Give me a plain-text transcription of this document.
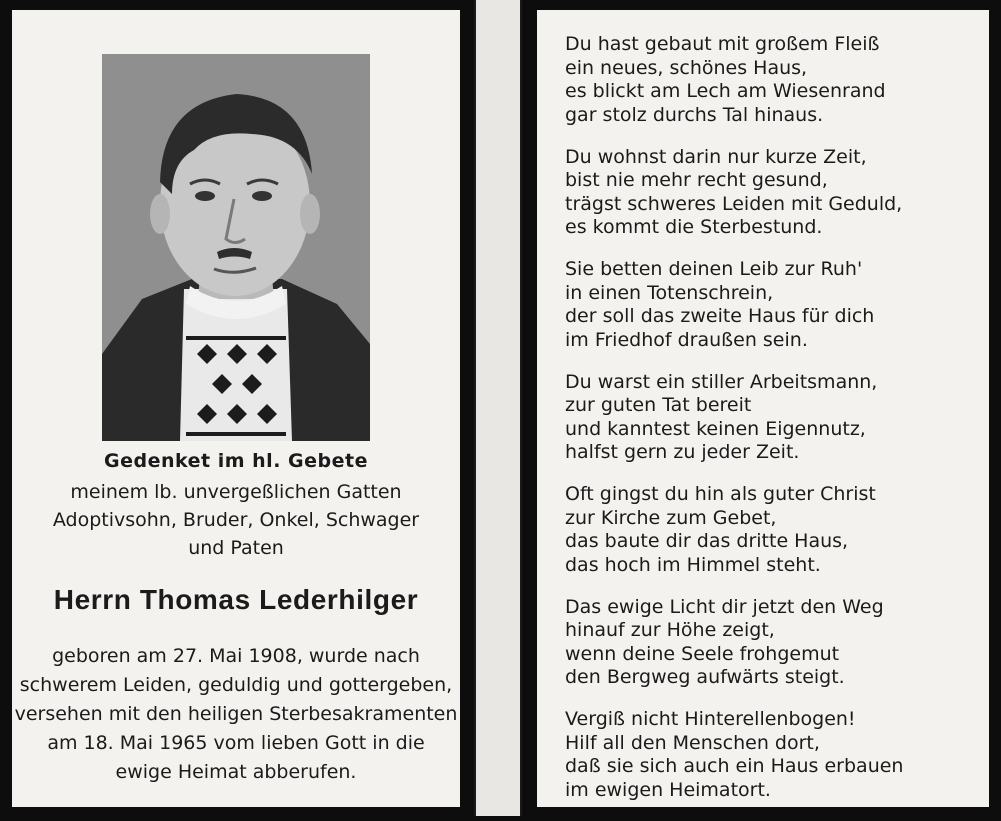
Gedenket im hl. Gebete
meinem lb. unvergeßlichen Gatten
Adoptivsohn, Bruder, Onkel, Schwager
und Paten
Herrn Thomas Lederhilger
geboren am 27. Mai 1908, wurde nach
schwerem Leiden, geduldig und gottergeben,
versehen mit den heiligen Sterbesakramenten
am 18. Mai 1965 vom lieben Gott in die
ewige Heimat abberufen.
Du hast gebaut mit großem Fleiß
ein neues, schönes Haus,
es blickt am Lech am Wiesenrand
gar stolz durchs Tal hinaus.
Du wohnst darin nur kurze Zeit,
bist nie mehr recht gesund,
trägst schweres Leiden mit Geduld,
es kommt die Sterbestund.
Sie betten deinen Leib zur Ruh'
in einen Totenschrein,
der soll das zweite Haus für dich
im Friedhof draußen sein.
Du warst ein stiller Arbeitsmann,
zur guten Tat bereit
und kanntest keinen Eigennutz,
halfst gern zu jeder Zeit.
Oft gingst du hin als guter Christ
zur Kirche zum Gebet,
das baute dir das dritte Haus,
das hoch im Himmel steht.
Das ewige Licht dir jetzt den Weg
hinauf zur Höhe zeigt,
wenn deine Seele frohgemut
den Bergweg aufwärts steigt.
Vergiß nicht Hinterellenbogen!
Hilf all den Menschen dort,
daß sie sich auch ein Haus erbauen
im ewigen Heimatort.
